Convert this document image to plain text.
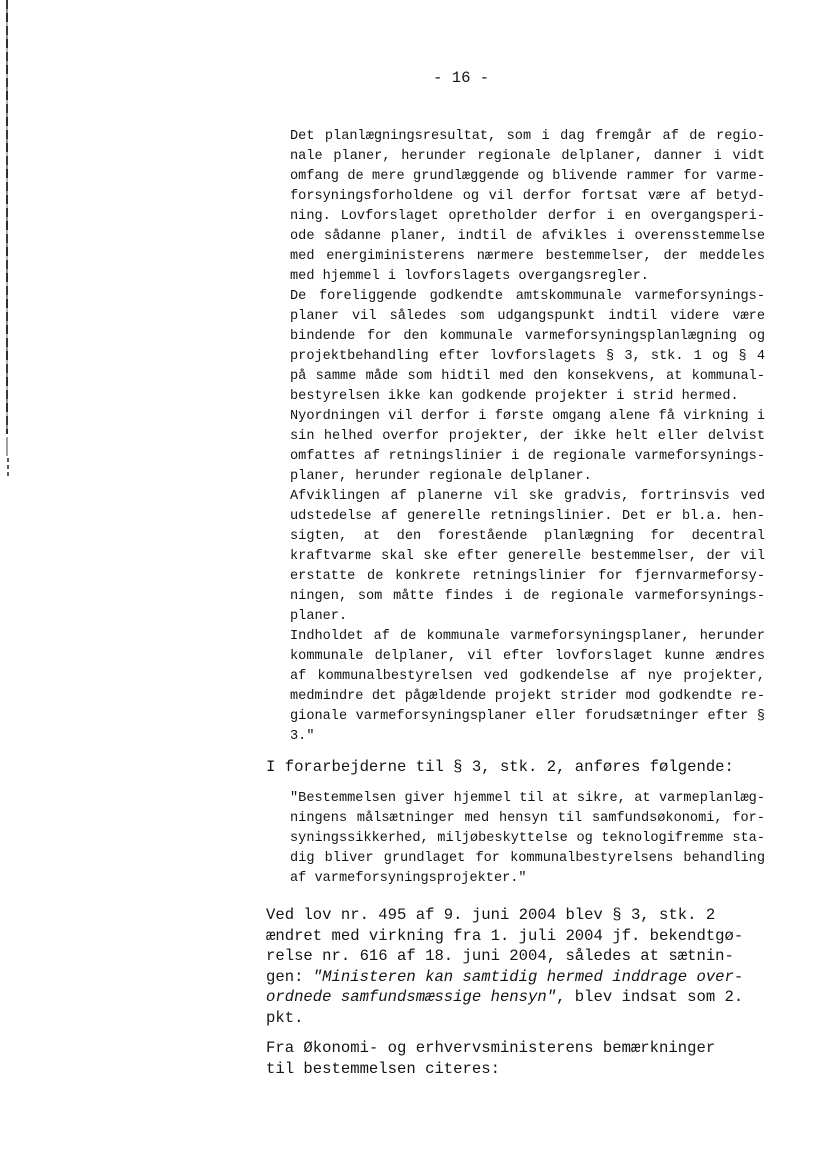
- 16 -
Det planlægningsresultat, som i dag fremgår af de regio-
nale planer, herunder regionale delplaner, danner i vidt
omfang de mere grundlæggende og blivende rammer for varme-
forsyningsforholdene og vil derfor fortsat være af betyd-
ning. Lovforslaget opretholder derfor i en overgangsperi-
ode sådanne planer, indtil de afvikles i overensstemmelse
med energiministerens nærmere bestemmelser, der meddeles
med hjemmel i lovforslagets overgangsregler.
De foreliggende godkendte amtskommunale varmeforsynings-
planer vil således som udgangspunkt indtil videre være
bindende for den kommunale varmeforsyningsplanlægning og
projektbehandling efter lovforslagets § 3, stk. 1 og § 4
på samme måde som hidtil med den konsekvens, at kommunal-
bestyrelsen ikke kan godkende projekter i strid hermed.
Nyordningen vil derfor i første omgang alene få virkning i
sin helhed overfor projekter, der ikke helt eller delvist
omfattes af retningslinier i de regionale varmeforsynings-
planer, herunder regionale delplaner.
Afviklingen af planerne vil ske gradvis, fortrinsvis ved
udstedelse af generelle retningslinier. Det er bl.a. hen-
sigten, at den forestående planlægning for decentral
kraftvarme skal ske efter generelle bestemmelser, der vil
erstatte de konkrete retningslinier for fjernvarmeforsy-
ningen, som måtte findes i de regionale varmeforsynings-
planer.
Indholdet af de kommunale varmeforsyningsplaner, herunder
kommunale delplaner, vil efter lovforslaget kunne ændres
af kommunalbestyrelsen ved godkendelse af nye projekter,
medmindre det pågældende projekt strider mod godkendte re-
gionale varmeforsyningsplaner eller forudsætninger efter §
3."
I forarbejderne til § 3, stk. 2, anføres følgende:
"Bestemmelsen giver hjemmel til at sikre, at varmeplanlæg-
ningens målsætninger med hensyn til samfundsøkonomi, for-
syningssikkerhed, miljøbeskyttelse og teknologifremme sta-
dig bliver grundlaget for kommunalbestyrelsens behandling
af varmeforsyningsprojekter."
Ved lov nr. 495 af 9. juni 2004 blev § 3, stk. 2
ændret med virkning fra 1. juli 2004 jf. bekendtgø-
relse nr. 616 af 18. juni 2004, således at sætnin-
gen: "Ministeren kan samtidig hermed inddrage over-
ordnede samfundsmæssige hensyn", blev indsat som 2.
pkt.
Fra Økonomi- og erhvervsministerens bemærkninger
til bestemmelsen citeres:
